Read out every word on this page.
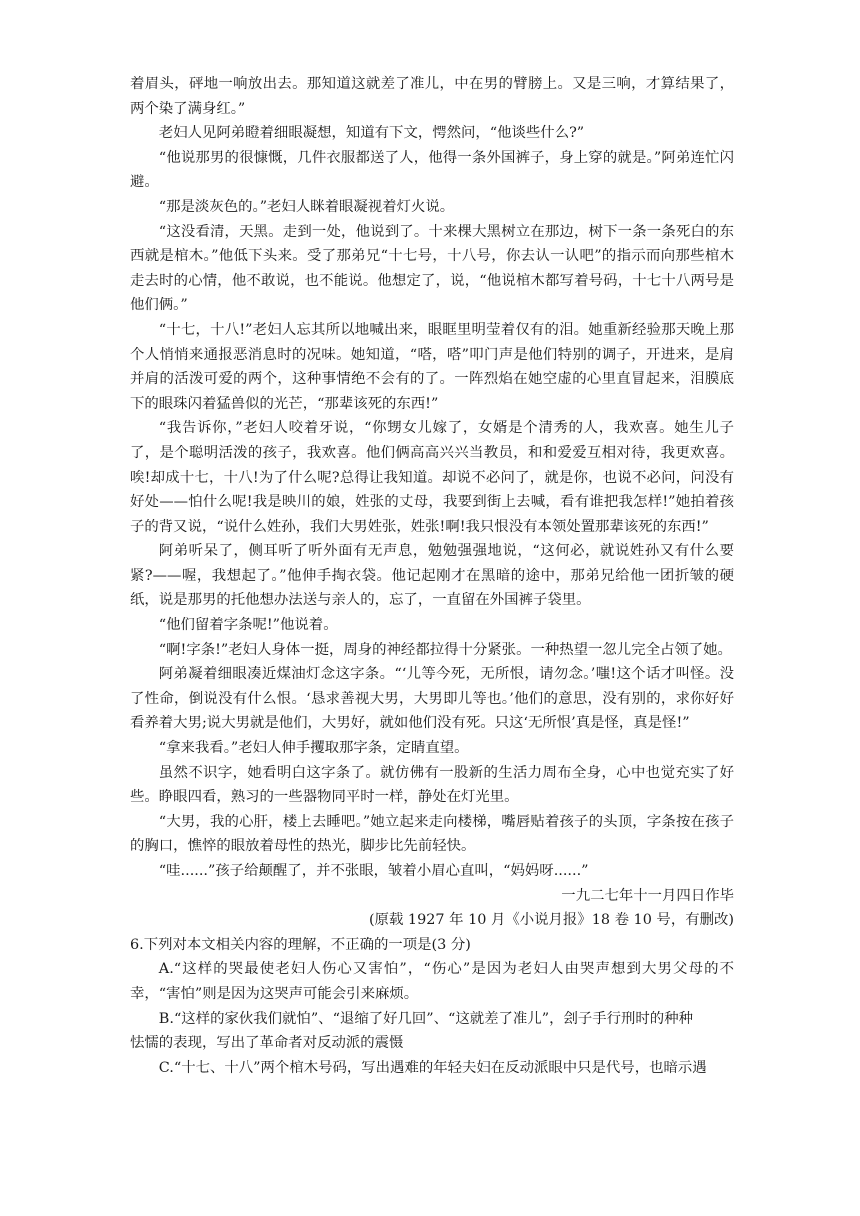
着眉头，砰地一响放出去。那知道这就差了准儿，中在男的臂膀上。又是三响，才算结果了，两个染了满身红。”

老妇人见阿弟瞪着细眼凝想，知道有下文，愕然问，“他谈些什么?”

“他说那男的很慷慨，几件衣服都送了人，他得一条外国裤子，身上穿的就是。”阿弟连忙闪避。

“那是淡灰色的。”老妇人眯着眼凝视着灯火说。

“这没看清，天黑。走到一处，他说到了。十来棵大黑树立在那边，树下一条一条死白的东西就是棺木。”他低下头来。受了那弟兄“十七号，十八号，你去认一认吧”的指示而向那些棺木走去时的心情，他不敢说，也不能说。他想定了，说，“他说棺木都写着号码，十七十八两号是他们俩。”

“十七，十八!”老妇人忘其所以地喊出来，眼眶里明莹着仅有的泪。她重新经验那天晚上那个人悄悄来通报恶消息时的况味。她知道，“嗒，嗒”叩门声是他们特别的调子，开进来，是肩并肩的活泼可爱的两个，这种事情绝不会有的了。一阵烈焰在她空虚的心里直冒起来，泪膜底下的眼珠闪着猛兽似的光芒，“那辈该死的东西!”

“我告诉你，”老妇人咬着牙说，“你甥女儿嫁了，女婿是个清秀的人，我欢喜。她生儿子了，是个聪明活泼的孩子，我欢喜。他们俩高高兴兴当教员，和和爱爱互相对待，我更欢喜。唉!却成十七，十八!为了什么呢?总得让我知道。却说不必问了，就是你，也说不必问，问没有好处——怕什么呢!我是映川的娘，姓张的丈母，我要到街上去喊，看有谁把我怎样!”她拍着孩子的背又说，“说什么姓孙，我们大男姓张，姓张!啊!我只恨没有本领处置那辈该死的东西!”

阿弟听呆了，侧耳听了听外面有无声息，勉勉强强地说，“这何必，就说姓孙又有什么要紧?——喔，我想起了。”他伸手掏衣袋。他记起刚才在黑暗的途中，那弟兄给他一团折皱的硬纸，说是那男的托他想办法送与亲人的，忘了，一直留在外国裤子袋里。

“他们留着字条呢!”他说着。

“啊!字条!”老妇人身体一挺，周身的神经都拉得十分紧张。一种热望一忽儿完全占领了她。

阿弟凝着细眼凑近煤油灯念这字条。“‘儿等今死，无所恨，请勿念。’嗤!这个话才叫怪。没了性命，倒说没有什么恨。‘恳求善视大男，大男即儿等也。’他们的意思，没有别的，求你好好看养着大男;说大男就是他们，大男好，就如他们没有死。只这‘无所恨’真是怪，真是怪!”

“拿来我看。”老妇人伸手攫取那字条，定睛直望。

虽然不识字，她看明白这字条了。就仿佛有一股新的生活力周布全身，心中也觉充实了好些。睁眼四看，熟习的一些器物同平时一样，静处在灯光里。

“大男，我的心肝，楼上去睡吧。”她立起来走向楼梯，嘴唇贴着孩子的头顶，字条按在孩子的胸口，憔悴的眼放着母性的热光，脚步比先前轻快。

“哇......”孩子给颠醒了，并不张眼，皱着小眉心直叫，“妈妈呀......”

一九二七年十一月四日作毕

(原载 1927 年 10 月《小说月报》18 卷 10 号，有删改)

6.下列对本文相关内容的理解，不正确的一项是(3 分)

A.“这样的哭最使老妇人伤心又害怕”，“伤心”是因为老妇人由哭声想到大男父母的不幸，“害怕”则是因为这哭声可能会引来麻烦。

B.“这样的家伙我们就怕”、“退缩了好几回”、“这就差了准儿”，刽子手行刑时的种种

怯懦的表现，写出了革命者对反动派的震慑

C.“十七、十八”两个棺木号码，写出遇难的年轻夫妇在反动派眼中只是代号，也暗示遇
